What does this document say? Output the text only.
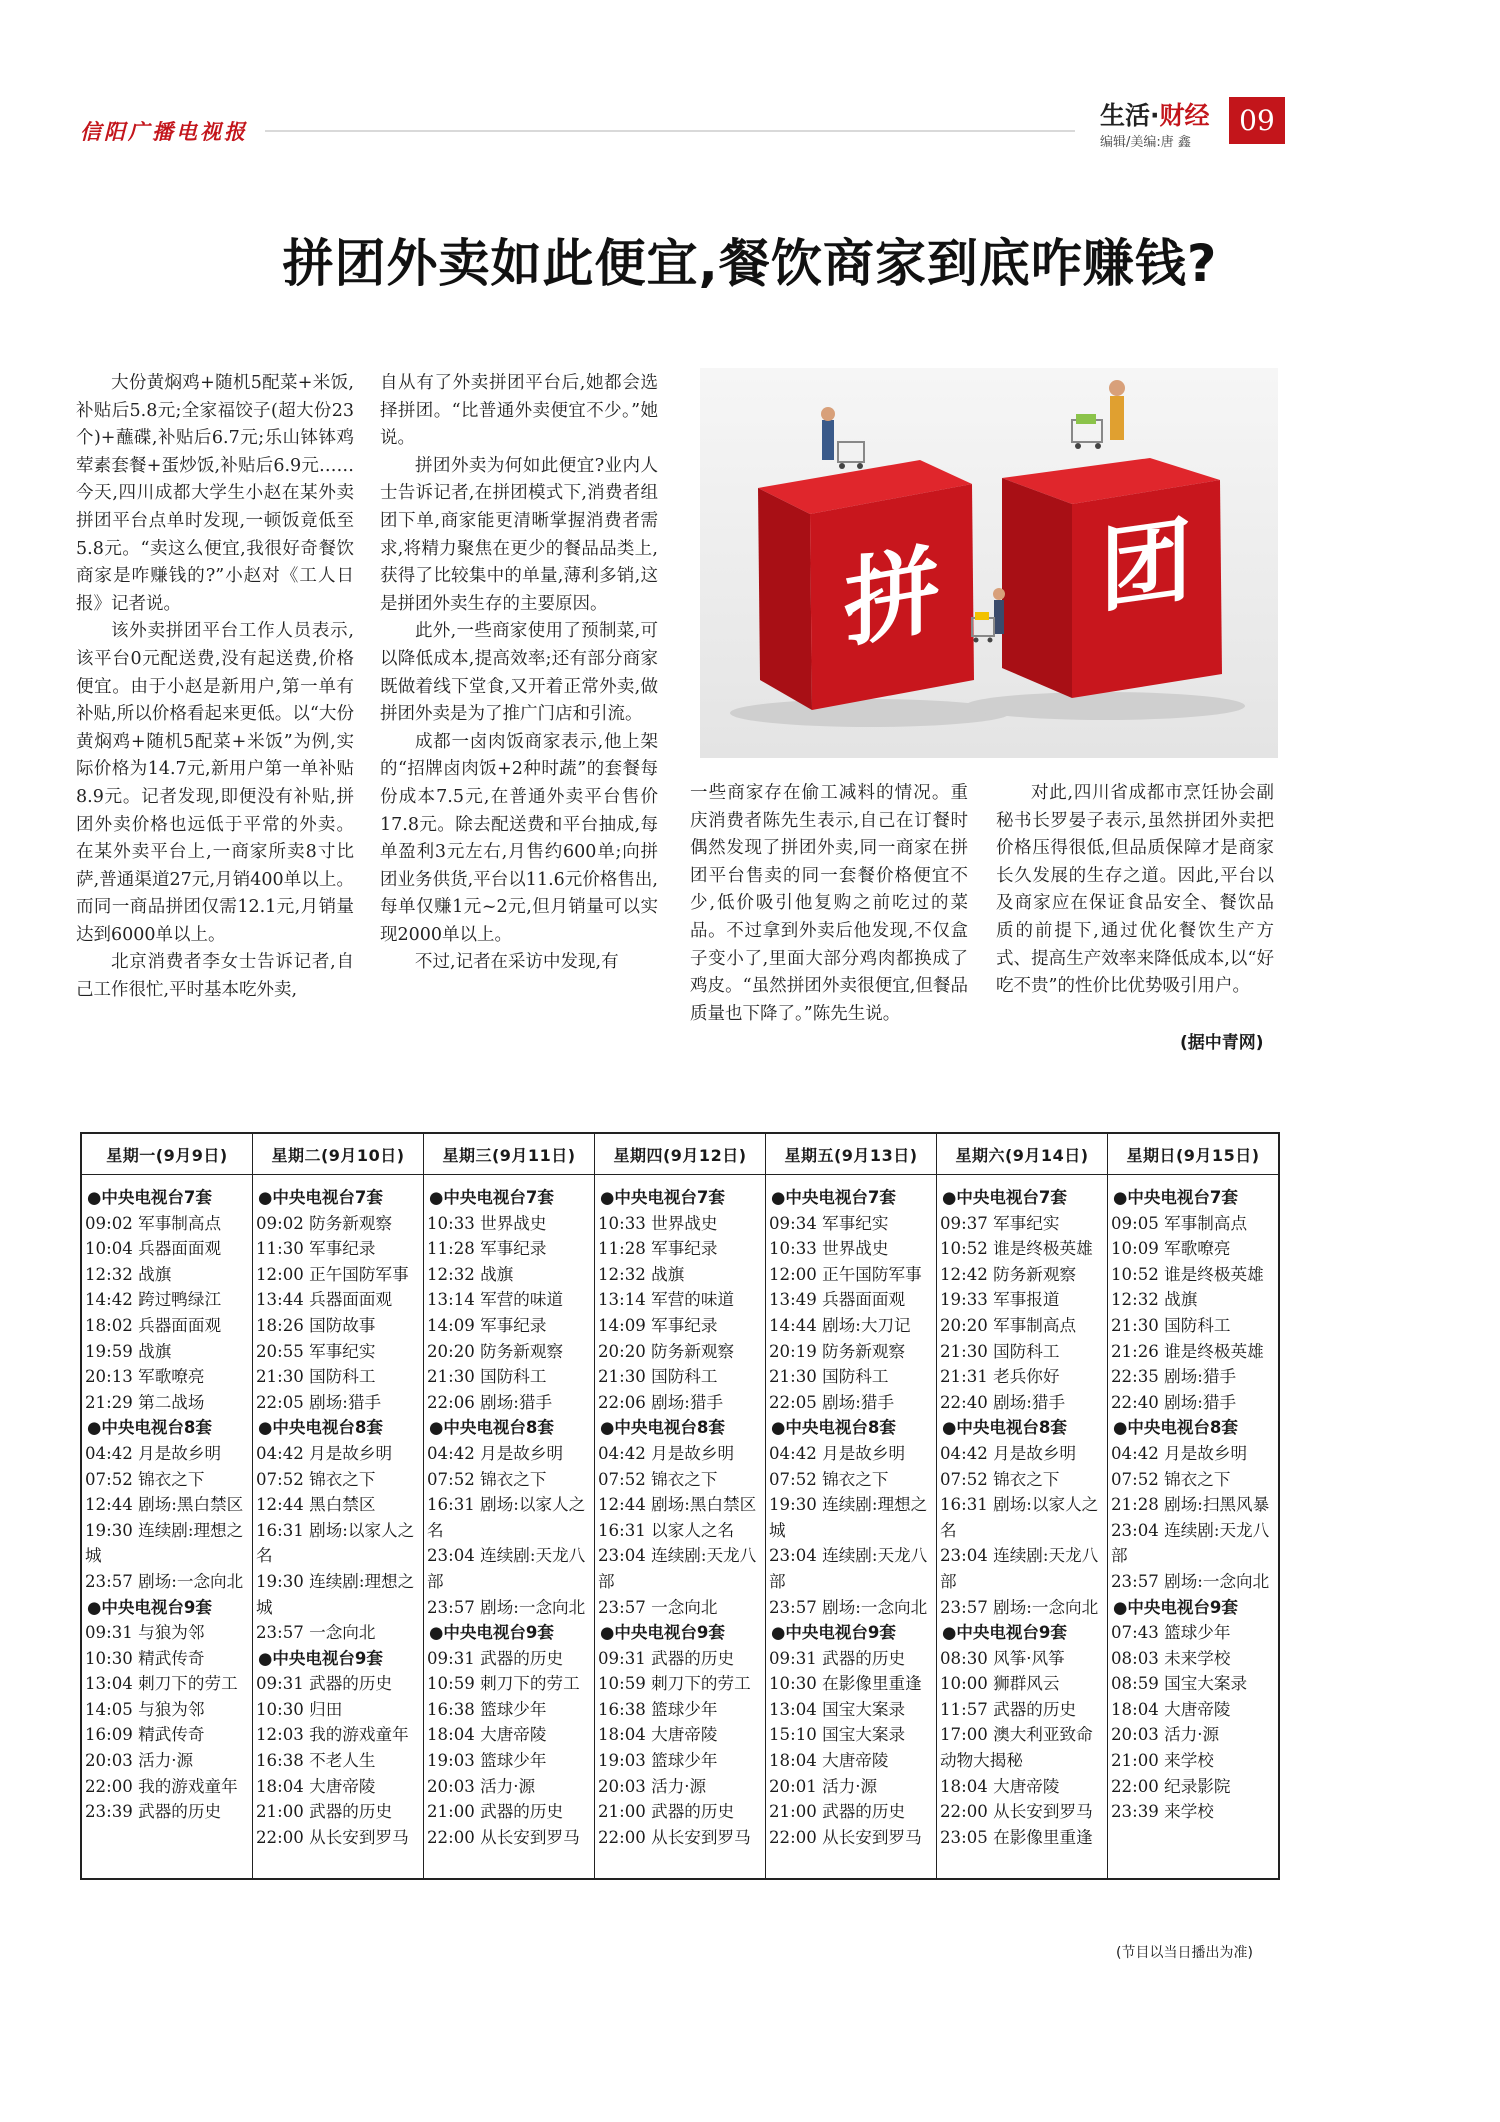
信阳广播电视报
生活·财经
编辑/美编:唐 鑫
09
拼团外卖如此便宜,餐饮商家到底咋赚钱?

大份黄焖鸡+随机5配菜+米饭,补贴后5.8元;全家福饺子(超大份23个)+蘸碟,补贴后6.7元;乐山钵钵鸡荤素套餐+蛋炒饭,补贴后6.9元……今天,四川成都大学生小赵在某外卖拼团平台点单时发现,一顿饭竟低至5.8元。“卖这么便宜,我很好奇餐饮商家是咋赚钱的?”小赵对《工人日报》记者说。

该外卖拼团平台工作人员表示,该平台0元配送费,没有起送费,价格便宜。由于小赵是新用户,第一单有补贴,所以价格看起来更低。以“大份黄焖鸡+随机5配菜+米饭”为例,实际价格为14.7元,新用户第一单补贴8.9元。记者发现,即便没有补贴,拼团外卖价格也远低于平常的外卖。在某外卖平台上,一商家所卖8寸比萨,普通渠道27元,月销400单以上。而同一商品拼团仅需12.1元,月销量达到6000单以上。

北京消费者李女士告诉记者,自己工作很忙,平时基本吃外卖,

自从有了外卖拼团平台后,她都会选择拼团。“比普通外卖便宜不少。”她说。

拼团外卖为何如此便宜?业内人士告诉记者,在拼团模式下,消费者组团下单,商家能更清晰掌握消费者需求,将精力聚焦在更少的餐品品类上,获得了比较集中的单量,薄利多销,这是拼团外卖生存的主要原因。

此外,一些商家使用了预制菜,可以降低成本,提高效率;还有部分商家既做着线下堂食,又开着正常外卖,做拼团外卖是为了推广门店和引流。

成都一卤肉饭商家表示,他上架的“招牌卤肉饭+2种时蔬”的套餐每份成本7.5元,在普通外卖平台售价17.8元。除去配送费和平台抽成,每单盈利3元左右,月售约600单;向拼团业务供货,平台以11.6元价格售出,每单仅赚1元~2元,但月销量可以实现2000单以上。

不过,记者在采访中发现,有

一些商家存在偷工减料的情况。重庆消费者陈先生表示,自己在订餐时偶然发现了拼团外卖,同一商家在拼团平台售卖的同一套餐价格便宜不少,低价吸引他复购之前吃过的菜品。不过拿到外卖后他发现,不仅盒子变小了,里面大部分鸡肉都换成了鸡皮。“虽然拼团外卖很便宜,但餐品质量也下降了。”陈先生说。

对此,四川省成都市烹饪协会副秘书长罗晏子表示,虽然拼团外卖把价格压得很低,但品质保障才是商家长久发展的生存之道。因此,平台以及商家应在保证食品安全、餐饮品质的前提下,通过优化餐饮生产方式、提高生产效率来降低成本,以“好吃不贵”的性价比优势吸引用户。

(据中青网)
拼 团
星期一(9月9日)
●中央电视台7套
09:02 军事制高点
10:04 兵器面面观
12:32 战旗
14:42 跨过鸭绿江
18:02 兵器面面观
19:59 战旗
20:13 军歌嘹亮
21:29 第二战场
●中央电视台8套
04:42 月是故乡明
07:52 锦衣之下
12:44 剧场:黑白禁区
19:30 连续剧:理想之城
23:57 剧场:一念向北
●中央电视台9套
09:31 与狼为邻
10:30 精武传奇
13:04 刺刀下的劳工
14:05 与狼为邻
16:09 精武传奇
20:03 活力·源
22:00 我的游戏童年
23:39 武器的历史
星期二(9月10日)
●中央电视台7套
09:02 防务新观察
11:30 军事纪录
12:00 正午国防军事
13:44 兵器面面观
18:26 国防故事
20:55 军事纪实
21:30 国防科工
22:05 剧场:猎手
●中央电视台8套
04:42 月是故乡明
07:52 锦衣之下
12:44 黑白禁区
16:31 剧场:以家人之名
19:30 连续剧:理想之城
23:57 一念向北
●中央电视台9套
09:31 武器的历史
10:30 归田
12:03 我的游戏童年
16:38 不老人生
18:04 大唐帝陵
21:00 武器的历史
22:00 从长安到罗马
星期三(9月11日)
●中央电视台7套
10:33 世界战史
11:28 军事纪录
12:32 战旗
13:14 军营的味道
14:09 军事纪录
20:20 防务新观察
21:30 国防科工
22:06 剧场:猎手
●中央电视台8套
04:42 月是故乡明
07:52 锦衣之下
16:31 剧场:以家人之名
23:04 连续剧:天龙八部
23:57 剧场:一念向北
●中央电视台9套
09:31 武器的历史
10:59 刺刀下的劳工
16:38 篮球少年
18:04 大唐帝陵
19:03 篮球少年
20:03 活力·源
21:00 武器的历史
22:00 从长安到罗马
星期四(9月12日)
●中央电视台7套
10:33 世界战史
11:28 军事纪录
12:32 战旗
13:14 军营的味道
14:09 军事纪录
20:20 防务新观察
21:30 国防科工
22:06 剧场:猎手
●中央电视台8套
04:42 月是故乡明
07:52 锦衣之下
12:44 剧场:黑白禁区
16:31 以家人之名
23:04 连续剧:天龙八部
23:57 一念向北
●中央电视台9套
09:31 武器的历史
10:59 刺刀下的劳工
16:38 篮球少年
18:04 大唐帝陵
19:03 篮球少年
20:03 活力·源
21:00 武器的历史
22:00 从长安到罗马
星期五(9月13日)
●中央电视台7套
09:34 军事纪实
10:33 世界战史
12:00 正午国防军事
13:49 兵器面面观
14:44 剧场:大刀记
20:19 防务新观察
21:30 国防科工
22:05 剧场:猎手
●中央电视台8套
04:42 月是故乡明
07:52 锦衣之下
19:30 连续剧:理想之城
23:04 连续剧:天龙八部
23:57 剧场:一念向北
●中央电视台9套
09:31 武器的历史
10:30 在影像里重逢
13:04 国宝大案录
15:10 国宝大案录
18:04 大唐帝陵
20:01 活力·源
21:00 武器的历史
22:00 从长安到罗马
星期六(9月14日)
●中央电视台7套
09:37 军事纪实
10:52 谁是终极英雄
12:42 防务新观察
19:33 军事报道
20:20 军事制高点
21:30 国防科工
21:31 老兵你好
22:40 剧场:猎手
●中央电视台8套
04:42 月是故乡明
07:52 锦衣之下
16:31 剧场:以家人之名
23:04 连续剧:天龙八部
23:57 剧场:一念向北
●中央电视台9套
08:30 风筝·风筝
10:00 狮群风云
11:57 武器的历史
17:00 澳大利亚致命动物大揭秘
18:04 大唐帝陵
22:00 从长安到罗马
23:05 在影像里重逢
星期日(9月15日)
●中央电视台7套
09:05 军事制高点
10:09 军歌嘹亮
10:52 谁是终极英雄
12:32 战旗
21:30 国防科工
21:26 谁是终极英雄
22:35 剧场:猎手
22:40 剧场:猎手
●中央电视台8套
04:42 月是故乡明
07:52 锦衣之下
21:28 剧场:扫黑风暴
23:04 连续剧:天龙八部
23:57 剧场:一念向北
●中央电视台9套
07:43 篮球少年
08:03 未来学校
08:59 国宝大案录
18:04 大唐帝陵
20:03 活力·源
21:00 来学校
22:00 纪录影院
23:39 来学校
(节目以当日播出为准)
